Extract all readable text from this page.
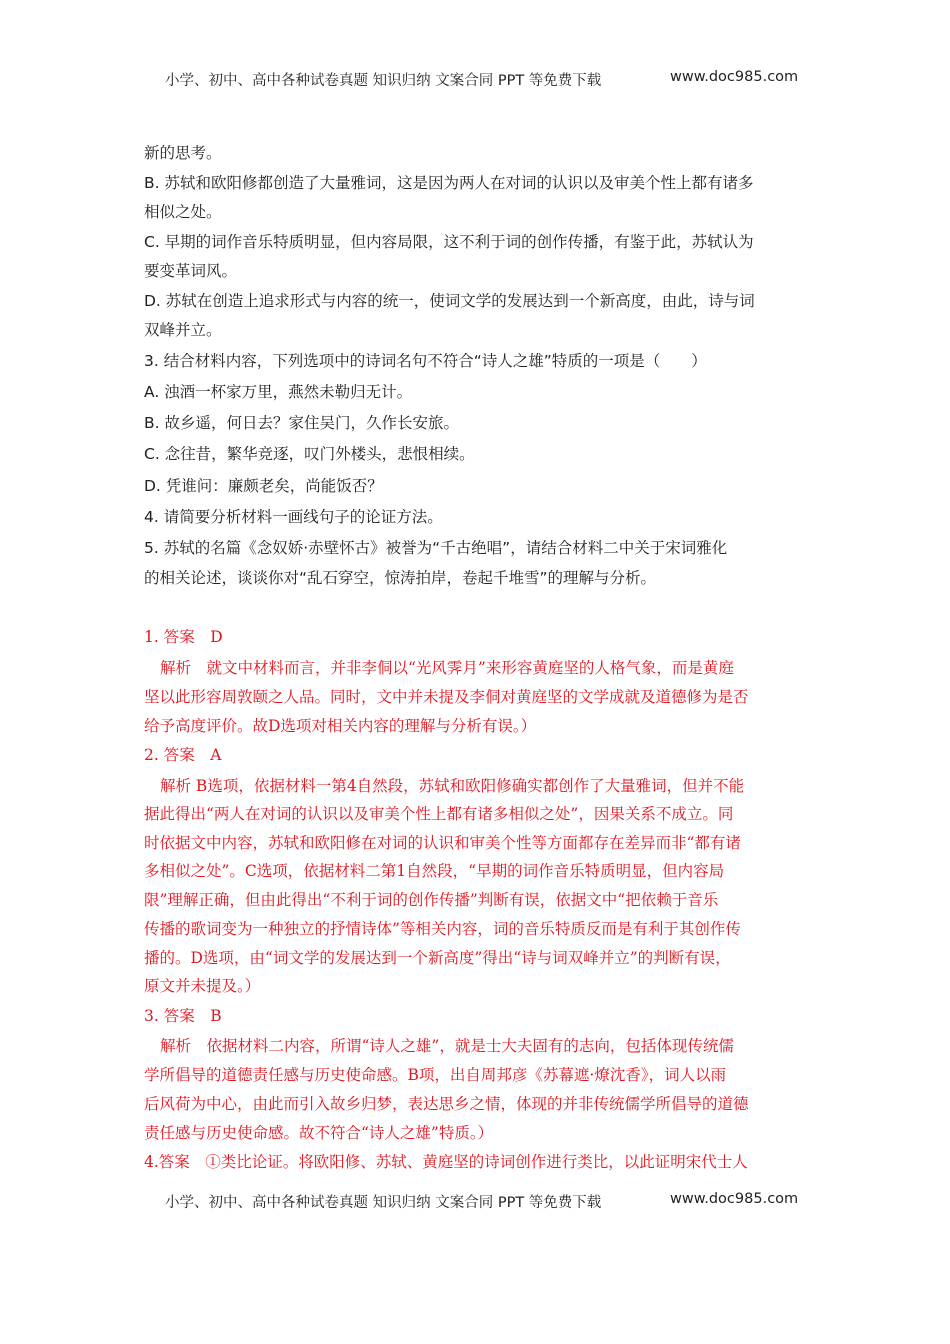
小学、初中、高中各种试卷真题 知识归纳 文案合同 PPT 等免费下载	www.doc985.com
新的思考。
B. 苏轼和欧阳修都创造了大量雅词，这是因为两人在对词的认识以及审美个性上都有诸多
相似之处。
C. 早期的词作音乐特质明显，但内容局限，这不利于词的创作传播，有鉴于此，苏轼认为
要变革词风。
D. 苏轼在创造上追求形式与内容的统一，使词文学的发展达到一个新高度，由此，诗与词
双峰并立。
3. 结合材料内容，下列选项中的诗词名句不符合“诗人之雄”特质的一项是（　　）
A. 浊酒一杯家万里，燕然未勒归无计。
B. 故乡遥，何日去？家住吴门，久作长安旅。
C. 念往昔，繁华竞逐，叹门外楼头，悲恨相续。
D. 凭谁问：廉颇老矣，尚能饭否？
4. 请简要分析材料一画线句子的论证方法。
5. 苏轼的名篇《念奴娇·赤壁怀古》被誉为“千古绝唱”，请结合材料二中关于宋词雅化
的相关论述，谈谈你对“乱石穿空，惊涛拍岸，卷起千堆雪”的理解与分析。
1. 答案　D
解析　就文中材料而言，并非李侗以“光风霁月”来形容黄庭坚的人格气象，而是黄庭
坚以此形容周敦颐之人品。同时，文中并未提及李侗对黄庭坚的文学成就及道德修为是否
给予高度评价。故D选项对相关内容的理解与分析有误。）
2. 答案　A
解析 B选项，依据材料一第4自然段，苏轼和欧阳修确实都创作了大量雅词，但并不能
据此得出“两人在对词的认识以及审美个性上都有诸多相似之处”，因果关系不成立。同
时依据文中内容，苏轼和欧阳修在对词的认识和审美个性等方面都存在差异而非“都有诸
多相似之处”。C选项，依据材料二第1自然段，“早期的词作音乐特质明显，但内容局
限”理解正确，但由此得出“不利于词的创作传播”判断有误，依据文中“把依赖于音乐
传播的歌词变为一种独立的抒情诗体”等相关内容，词的音乐特质反而是有利于其创作传
播的。D选项，由“词文学的发展达到一个新高度”得出“诗与词双峰并立”的判断有误，
原文并未提及。）
3. 答案　B
解析　依据材料二内容，所谓“诗人之雄”，就是士大夫固有的志向，包括体现传统儒
学所倡导的道德责任感与历史使命感。B项，出自周邦彦《苏幕遮·燎沈香》，词人以雨
后风荷为中心，由此而引入故乡归梦，表达思乡之情，体现的并非传统儒学所倡导的道德
责任感与历史使命感。故不符合“诗人之雄”特质。）
4.答案　①类比论证。将欧阳修、苏轼、黄庭坚的诗词创作进行类比，以此证明宋代士人
小学、初中、高中各种试卷真题 知识归纳 文案合同 PPT 等免费下载	www.doc985.com
